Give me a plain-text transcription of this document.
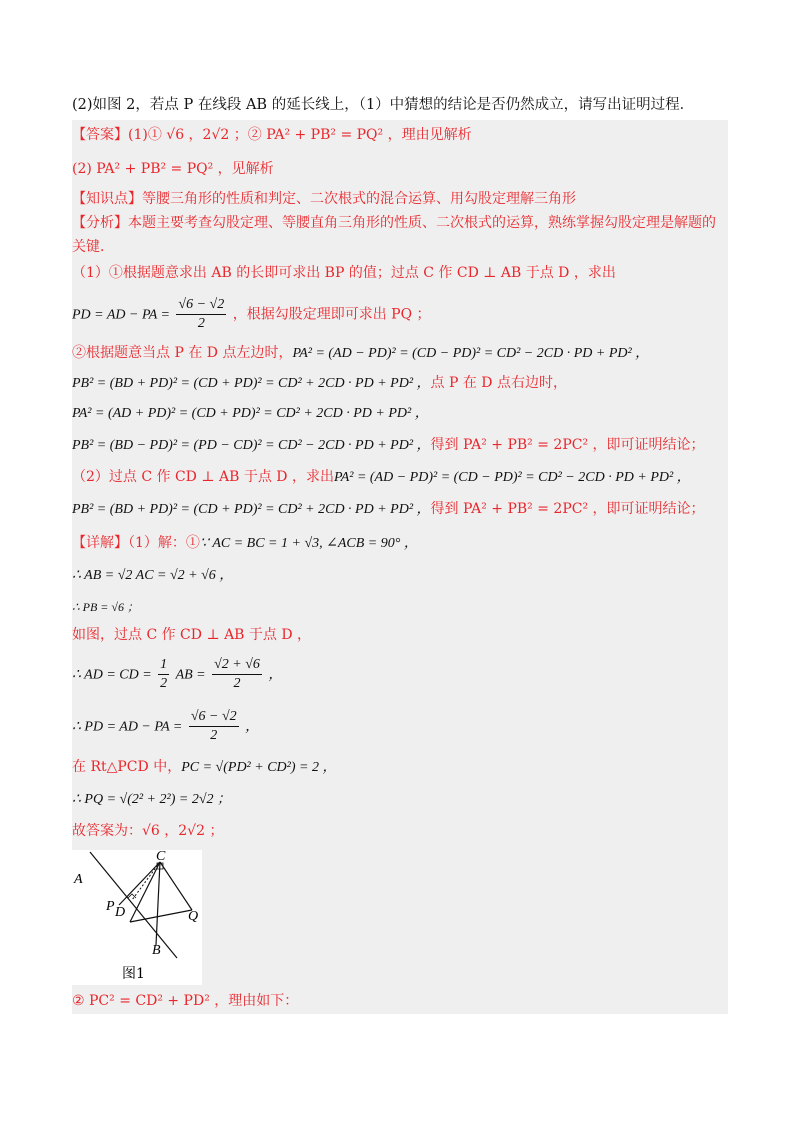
(2)如图 2，若点 P 在线段 AB 的延长线上，（1）中猜想的结论是否仍然成立，请写出证明过程．
【答案】(1)① √6 ，2√2 ；② PA² + PB² = PQ² ，理由见解析
(2) PA² + PB² = PQ² ，见解析
【知识点】等腰三角形的性质和判定、二次根式的混合运算、用勾股定理解三角形
【分析】本题主要考查勾股定理、等腰直角三角形的性质、二次根式的运算，熟练掌握勾股定理是解题的
关键．
（1）①根据题意求出 AB 的长即可求出 BP 的值；过点 C 作 CD ⊥ AB 于点 D ，求出
PD = AD − PA = $\frac{√6 - √2}{2}$ ，根据勾股定理即可求出 PQ ；
②根据题意当点 P 在 D 点左边时，PA² = (AD − PD)² = (CD − PD)² = CD² − 2CD · PD + PD² ，
PB² = (BD + PD)² = (CD + PD)² = CD² + 2CD · PD + PD² ，点 P 在 D 点右边时，
PA² = (AD + PD)² = (CD + PD)² = CD² + 2CD · PD + PD² ，
PB² = (BD − PD)² = (PD − CD)² = CD² − 2CD · PD + PD² ，得到 PA² + PB² = 2PC² ，即可证明结论；
（2）过点 C 作 CD ⊥ AB 于点 D ，求出PA² = (AD − PD)² = (CD − PD)² = CD² − 2CD · PD + PD² ，
PB² = (BD + PD)² = (CD + PD)² = CD² + 2CD · PD + PD² ，得到 PA² + PB² = 2PC² ，即可证明结论；
【详解】（1）解：①∵ AC = BC = 1 + √3, ∠ACB = 90° ，
∴ AB = √2 AC = √2 + √6 ，
∴ PB = √6 ；
如图，过点 C 作 CD ⊥ AB 于点 D ，
∴ AD = CD = $\frac{1}{2}$ AB = $\frac{√2 + √6}{2}$ ，
∴ PD = AD − PA = $\frac{√6 - √2}{2}$ ，
在 Rt△PCD 中，PC = √(PD² + CD²) = 2 ，
∴ PQ = √(2² + 2²) = 2√2 ；
故答案为：√6 ，2√2 ；
C
A
P D	Q
B
图1
② PC² = CD² + PD² ，理由如下：
